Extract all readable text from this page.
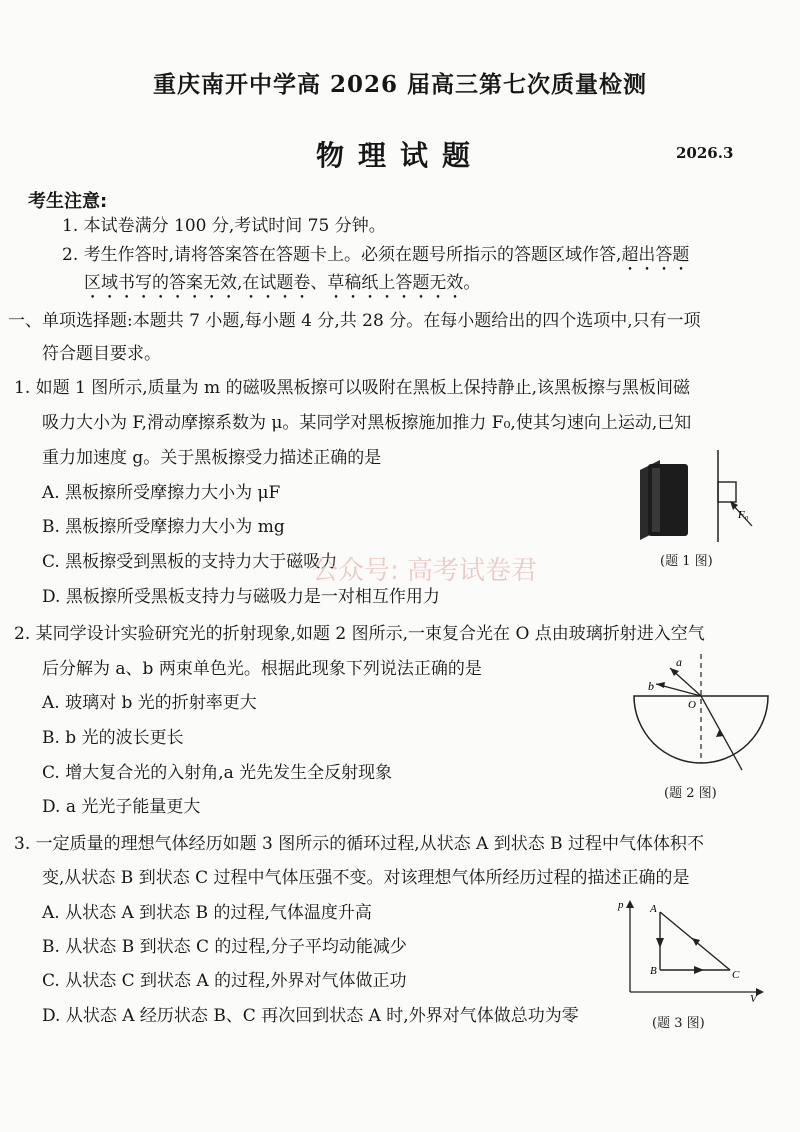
重庆南开中学高 2026 届高三第七次质量检测
物理试题	2026.3
考生注意:
1. 本试卷满分 100 分,考试时间 75 分钟。
2. 考生作答时,请将答案答在答题卡上。必须在题号所指示的答题区域作答,超出答题
区域书写的答案无效,在试题卷、草稿纸上答题无效。
一、单项选择题:本题共 7 小题,每小题 4 分,共 28 分。在每小题给出的四个选项中,只有一项
符合题目要求。
1. 如题 1 图所示,质量为 m 的磁吸黑板擦可以吸附在黑板上保持静止,该黑板擦与黑板间磁
吸力大小为 F,滑动摩擦系数为 μ。某同学对黑板擦施加推力 F₀,使其匀速向上运动,已知
重力加速度 g。关于黑板擦受力描述正确的是
A. 黑板擦所受摩擦力大小为 μF
B. 黑板擦所受摩擦力大小为 mg
C. 黑板擦受到黑板的支持力大于磁吸力
D. 黑板擦所受黑板支持力与磁吸力是一对相互作用力
F₀
(题 1 图)
公众号: 高考试卷君
2. 某同学设计实验研究光的折射现象,如题 2 图所示,一束复合光在 O 点由玻璃折射进入空气
后分解为 a、b 两束单色光。根据此现象下列说法正确的是
A. 玻璃对 b 光的折射率更大
B. b 光的波长更长
C. 增大复合光的入射角,a 光先发生全反射现象
D. a 光光子能量更大
a
b
O
(题 2 图)
3. 一定质量的理想气体经历如题 3 图所示的循环过程,从状态 A 到状态 B 过程中气体体积不
变,从状态 B 到状态 C 过程中气体压强不变。对该理想气体所经历过程的描述正确的是
A. 从状态 A 到状态 B 的过程,气体温度升高
B. 从状态 B 到状态 C 的过程,分子平均动能减少
C. 从状态 C 到状态 A 的过程,外界对气体做正功
D. 从状态 A 经历状态 B、C 再次回到状态 A 时,外界对气体做总功为零
p
V
A
B	C
(题 3 图)
